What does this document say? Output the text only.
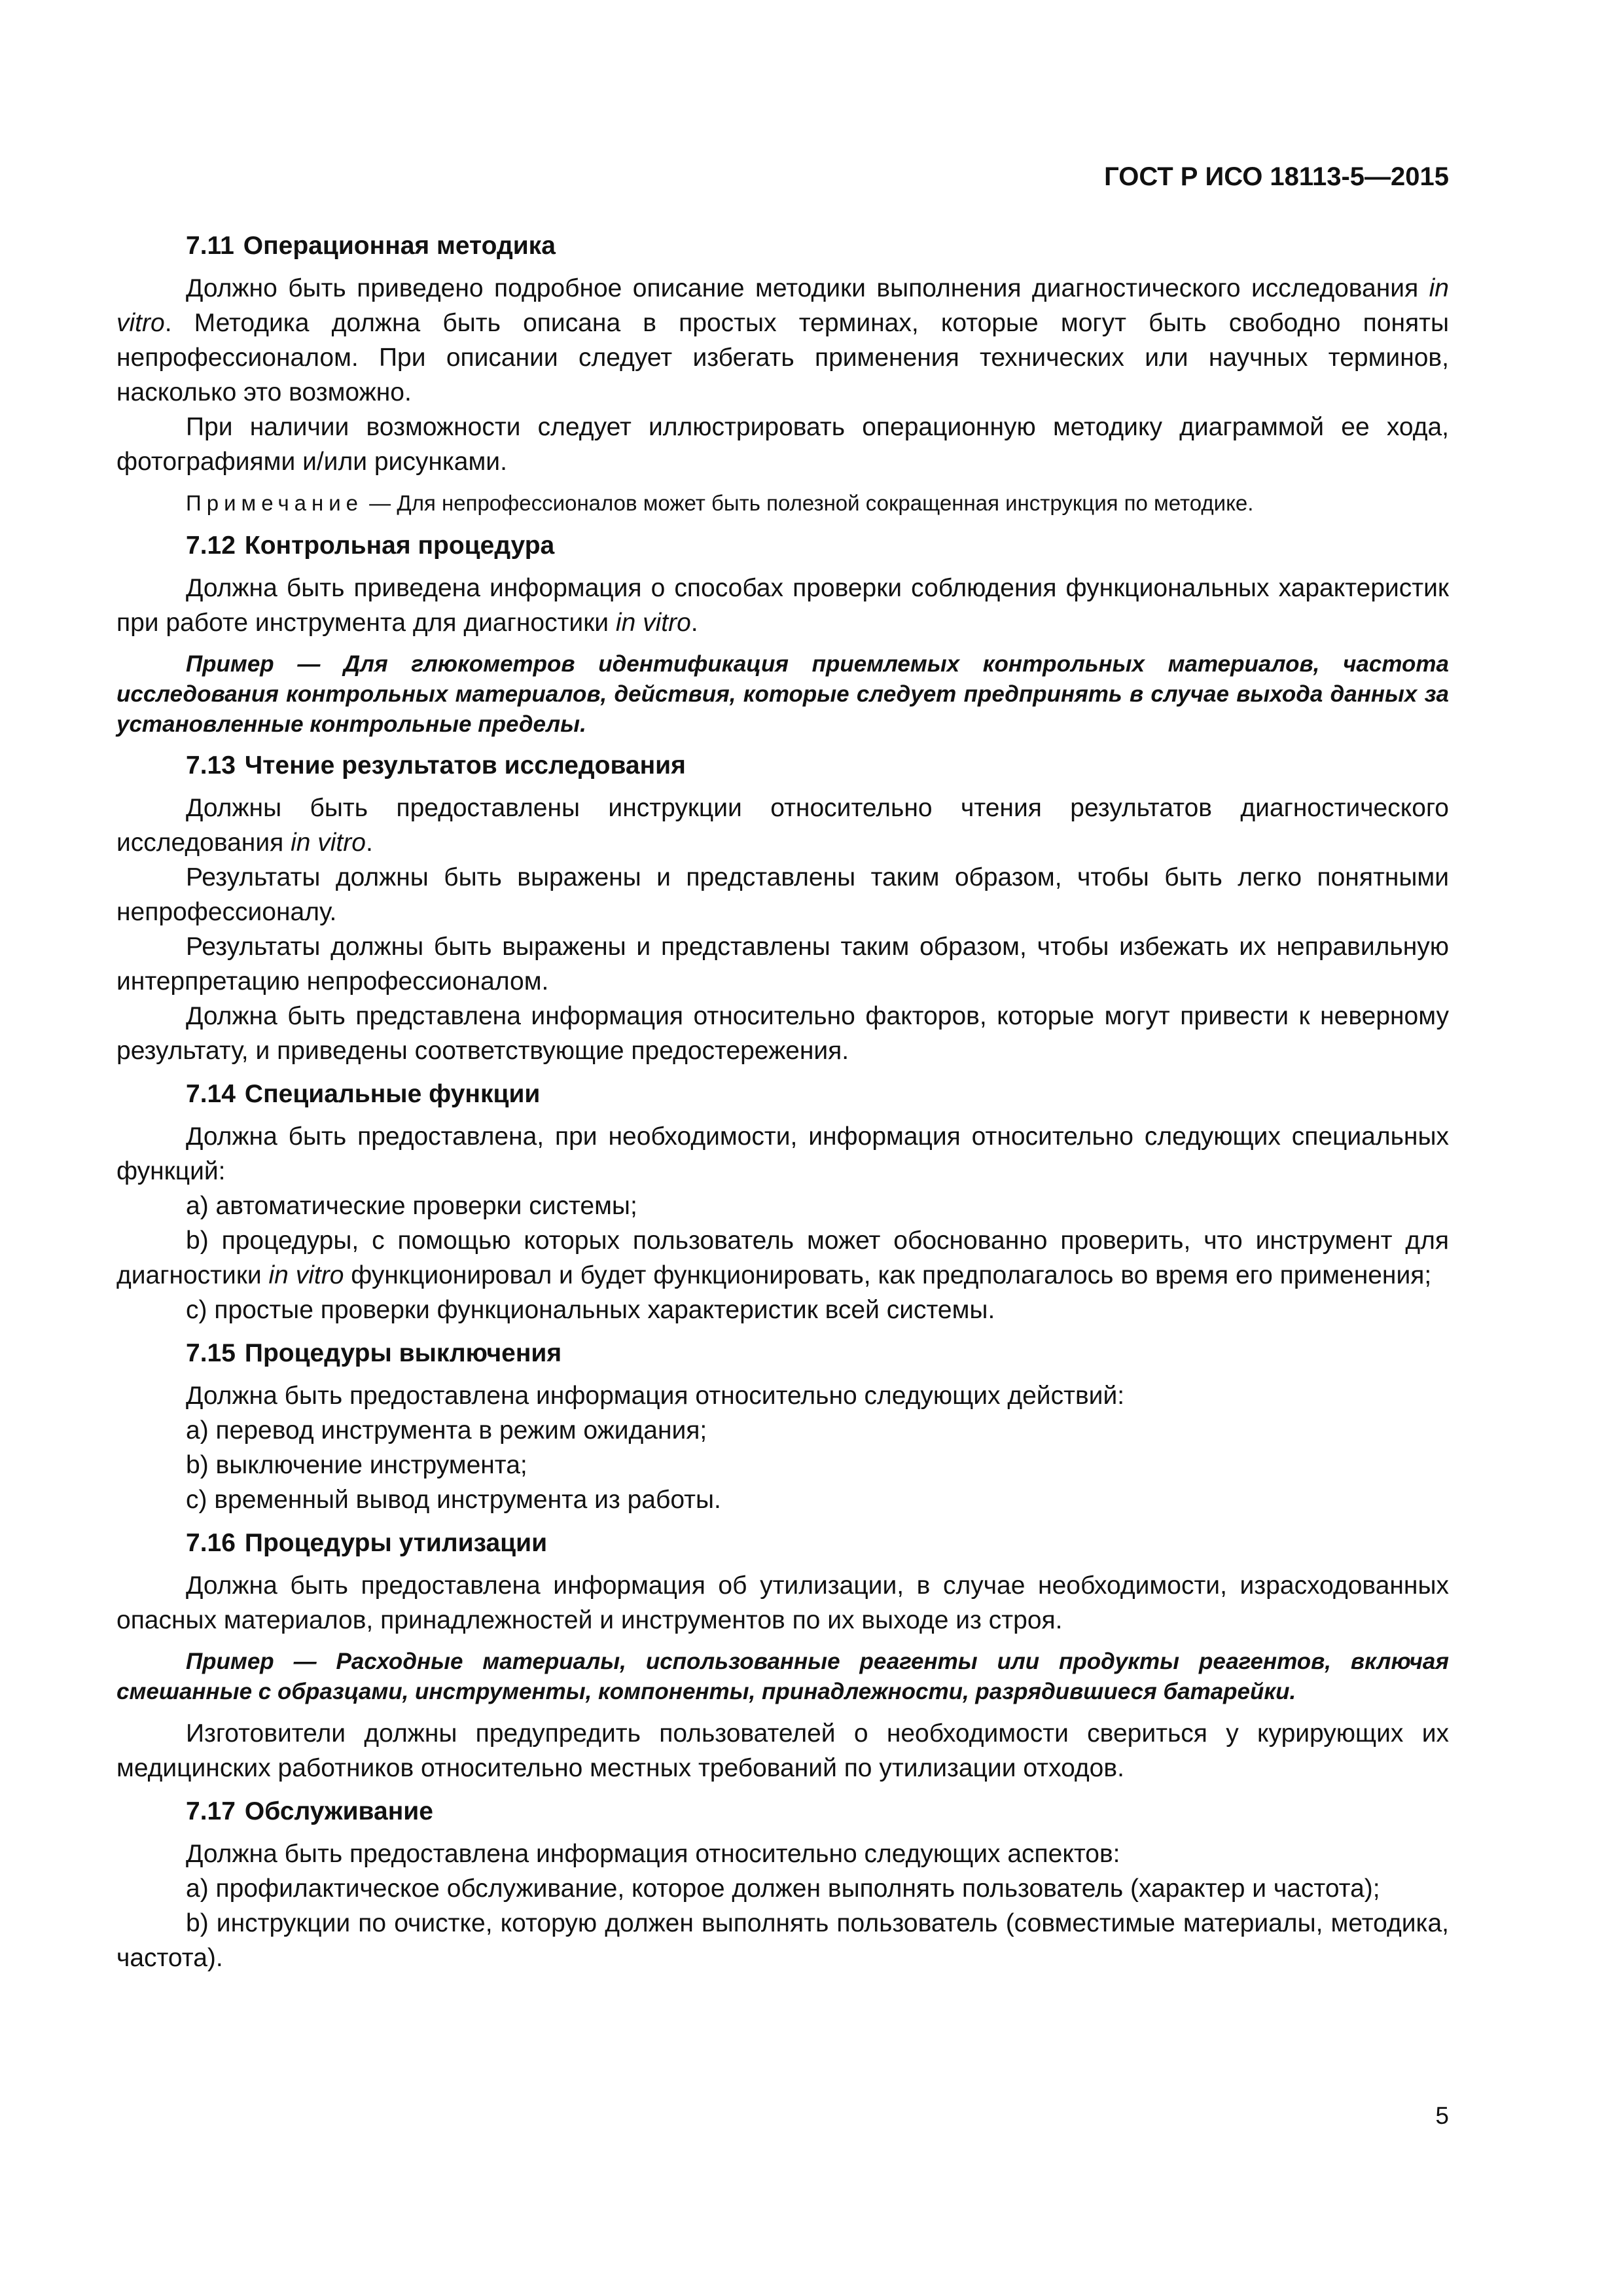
ГОСТ Р ИСО 18113-5—2015
7.11 Операционная методика

Должно быть приведено подробное описание методики выполнения диагностического исследования in vitro. Методика должна быть описана в простых терминах, которые могут быть свободно поняты непрофессионалом. При описании следует избегать применения технических или научных терминов, насколько это возможно.

При наличии возможности следует иллюстрировать операционную методику диаграммой ее хода, фотографиями и/или рисунками.

Примечание — Для непрофессионалов может быть полезной сокращенная инструкция по методике.

7.12 Контрольная процедура

Должна быть приведена информация о способах проверки соблюдения функциональных характеристик при работе инструмента для диагностики in vitro.

Пример — Для глюкометров идентификация приемлемых контрольных материалов, частота исследования контрольных материалов, действия, которые следует предпринять в случае выхода данных за установленные контрольные пределы.

7.13 Чтение результатов исследования

Должны быть предоставлены инструкции относительно чтения результатов диагностического исследования in vitro.

Результаты должны быть выражены и представлены таким образом, чтобы быть легко понятными непрофессионалу.

Результаты должны быть выражены и представлены таким образом, чтобы избежать их неправильную интерпретацию непрофессионалом.

Должна быть представлена информация относительно факторов, которые могут привести к неверному результату, и приведены соответствующие предостережения.

7.14 Специальные функции

Должна быть предоставлена, при необходимости, информация относительно следующих специальных функций:

a) автоматические проверки системы;

b) процедуры, с помощью которых пользователь может обоснованно проверить, что инструмент для диагностики in vitro функционировал и будет функционировать, как предполагалось во время его применения;

c) простые проверки функциональных характеристик всей системы.

7.15 Процедуры выключения

Должна быть предоставлена информация относительно следующих действий:

a) перевод инструмента в режим ожидания;

b) выключение инструмента;

c) временный вывод инструмента из работы.

7.16 Процедуры утилизации

Должна быть предоставлена информация об утилизации, в случае необходимости, израсходованных опасных материалов, принадлежностей и инструментов по их выходе из строя.

Пример — Расходные материалы, использованные реагенты или продукты реагентов, включая смешанные с образцами, инструменты, компоненты, принадлежности, разрядившиеся батарейки.

Изготовители должны предупредить пользователей о необходимости свериться у курирующих их медицинских работников относительно местных требований по утилизации отходов.

7.17 Обслуживание

Должна быть предоставлена информация относительно следующих аспектов:

a) профилактическое обслуживание, которое должен выполнять пользователь (характер и частота);

b) инструкции по очистке, которую должен выполнять пользователь (совместимые материалы, методика, частота).

5
